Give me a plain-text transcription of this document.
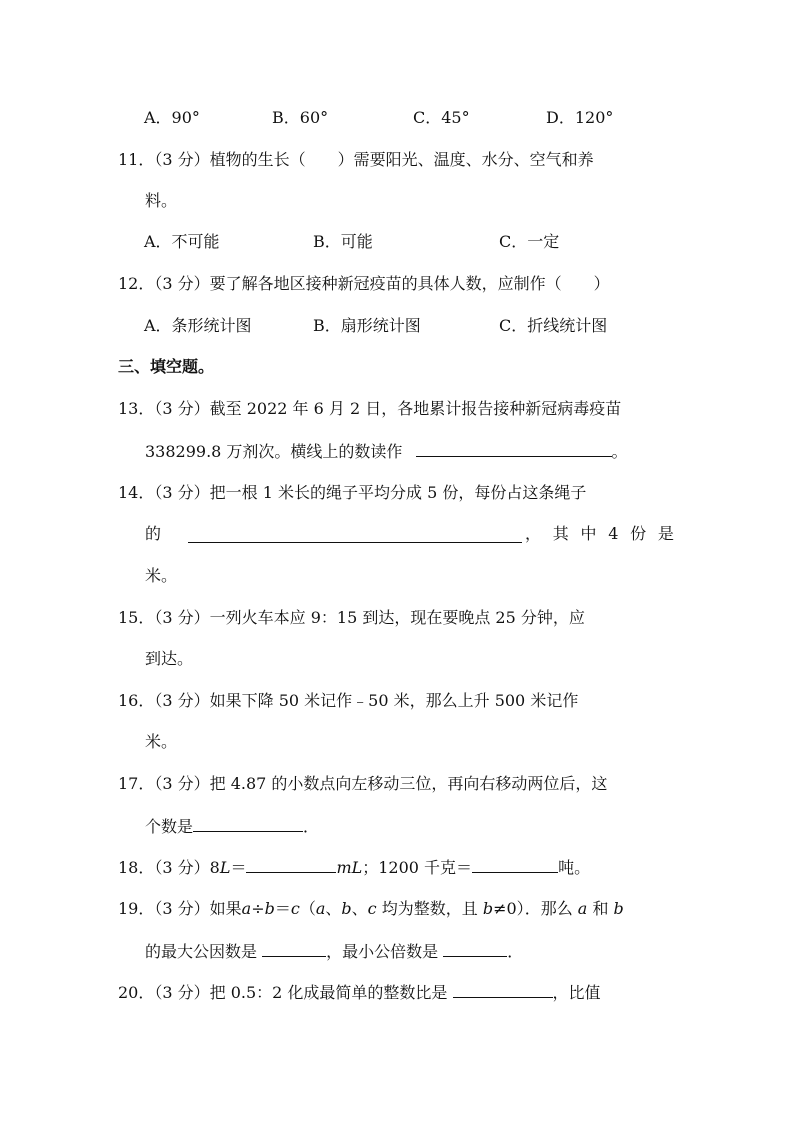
A．90°	B．60°	C．45°	D．120°
11．（3 分）植物的生长（　　）需要阳光、温度、水分、空气和养
料。
A．不可能	B．可能	C．一定
12．（3 分）要了解各地区接种新冠疫苗的具体人数，应制作（　　）
A．条形统计图	B．扇形统计图	C．折线统计图
三、填空题。
13．（3 分）截至 2022 年 6 月 2 日，各地累计报告接种新冠病毒疫苗
338299.8 万剂次。横线上的数读作	。
14．（3 分）把一根 1 米长的绳子平均分成 5 份，每份占这条绳子
的	， 其 中 4 份 是
米。
15．（3 分）一列火车本应 9：15 到达，现在要晚点 25 分钟，应
到达。
16．（3 分）如果下降 50 米记作﹣50 米，那么上升 500 米记作
米。
17．（3 分）把 4.87 的小数点向左移动三位，再向右移动两位后，这
个数是	．
18．（3 分）8L＝	mL；1200 千克＝	吨。
19．（3 分）如果a÷b＝c（a、b、c 均为整数，且 b≠0）．那么 a 和 b
的最大公因数是	，最小公倍数是	．
20．（3 分）把 0.5：2 化成最简单的整数比是	，比值
